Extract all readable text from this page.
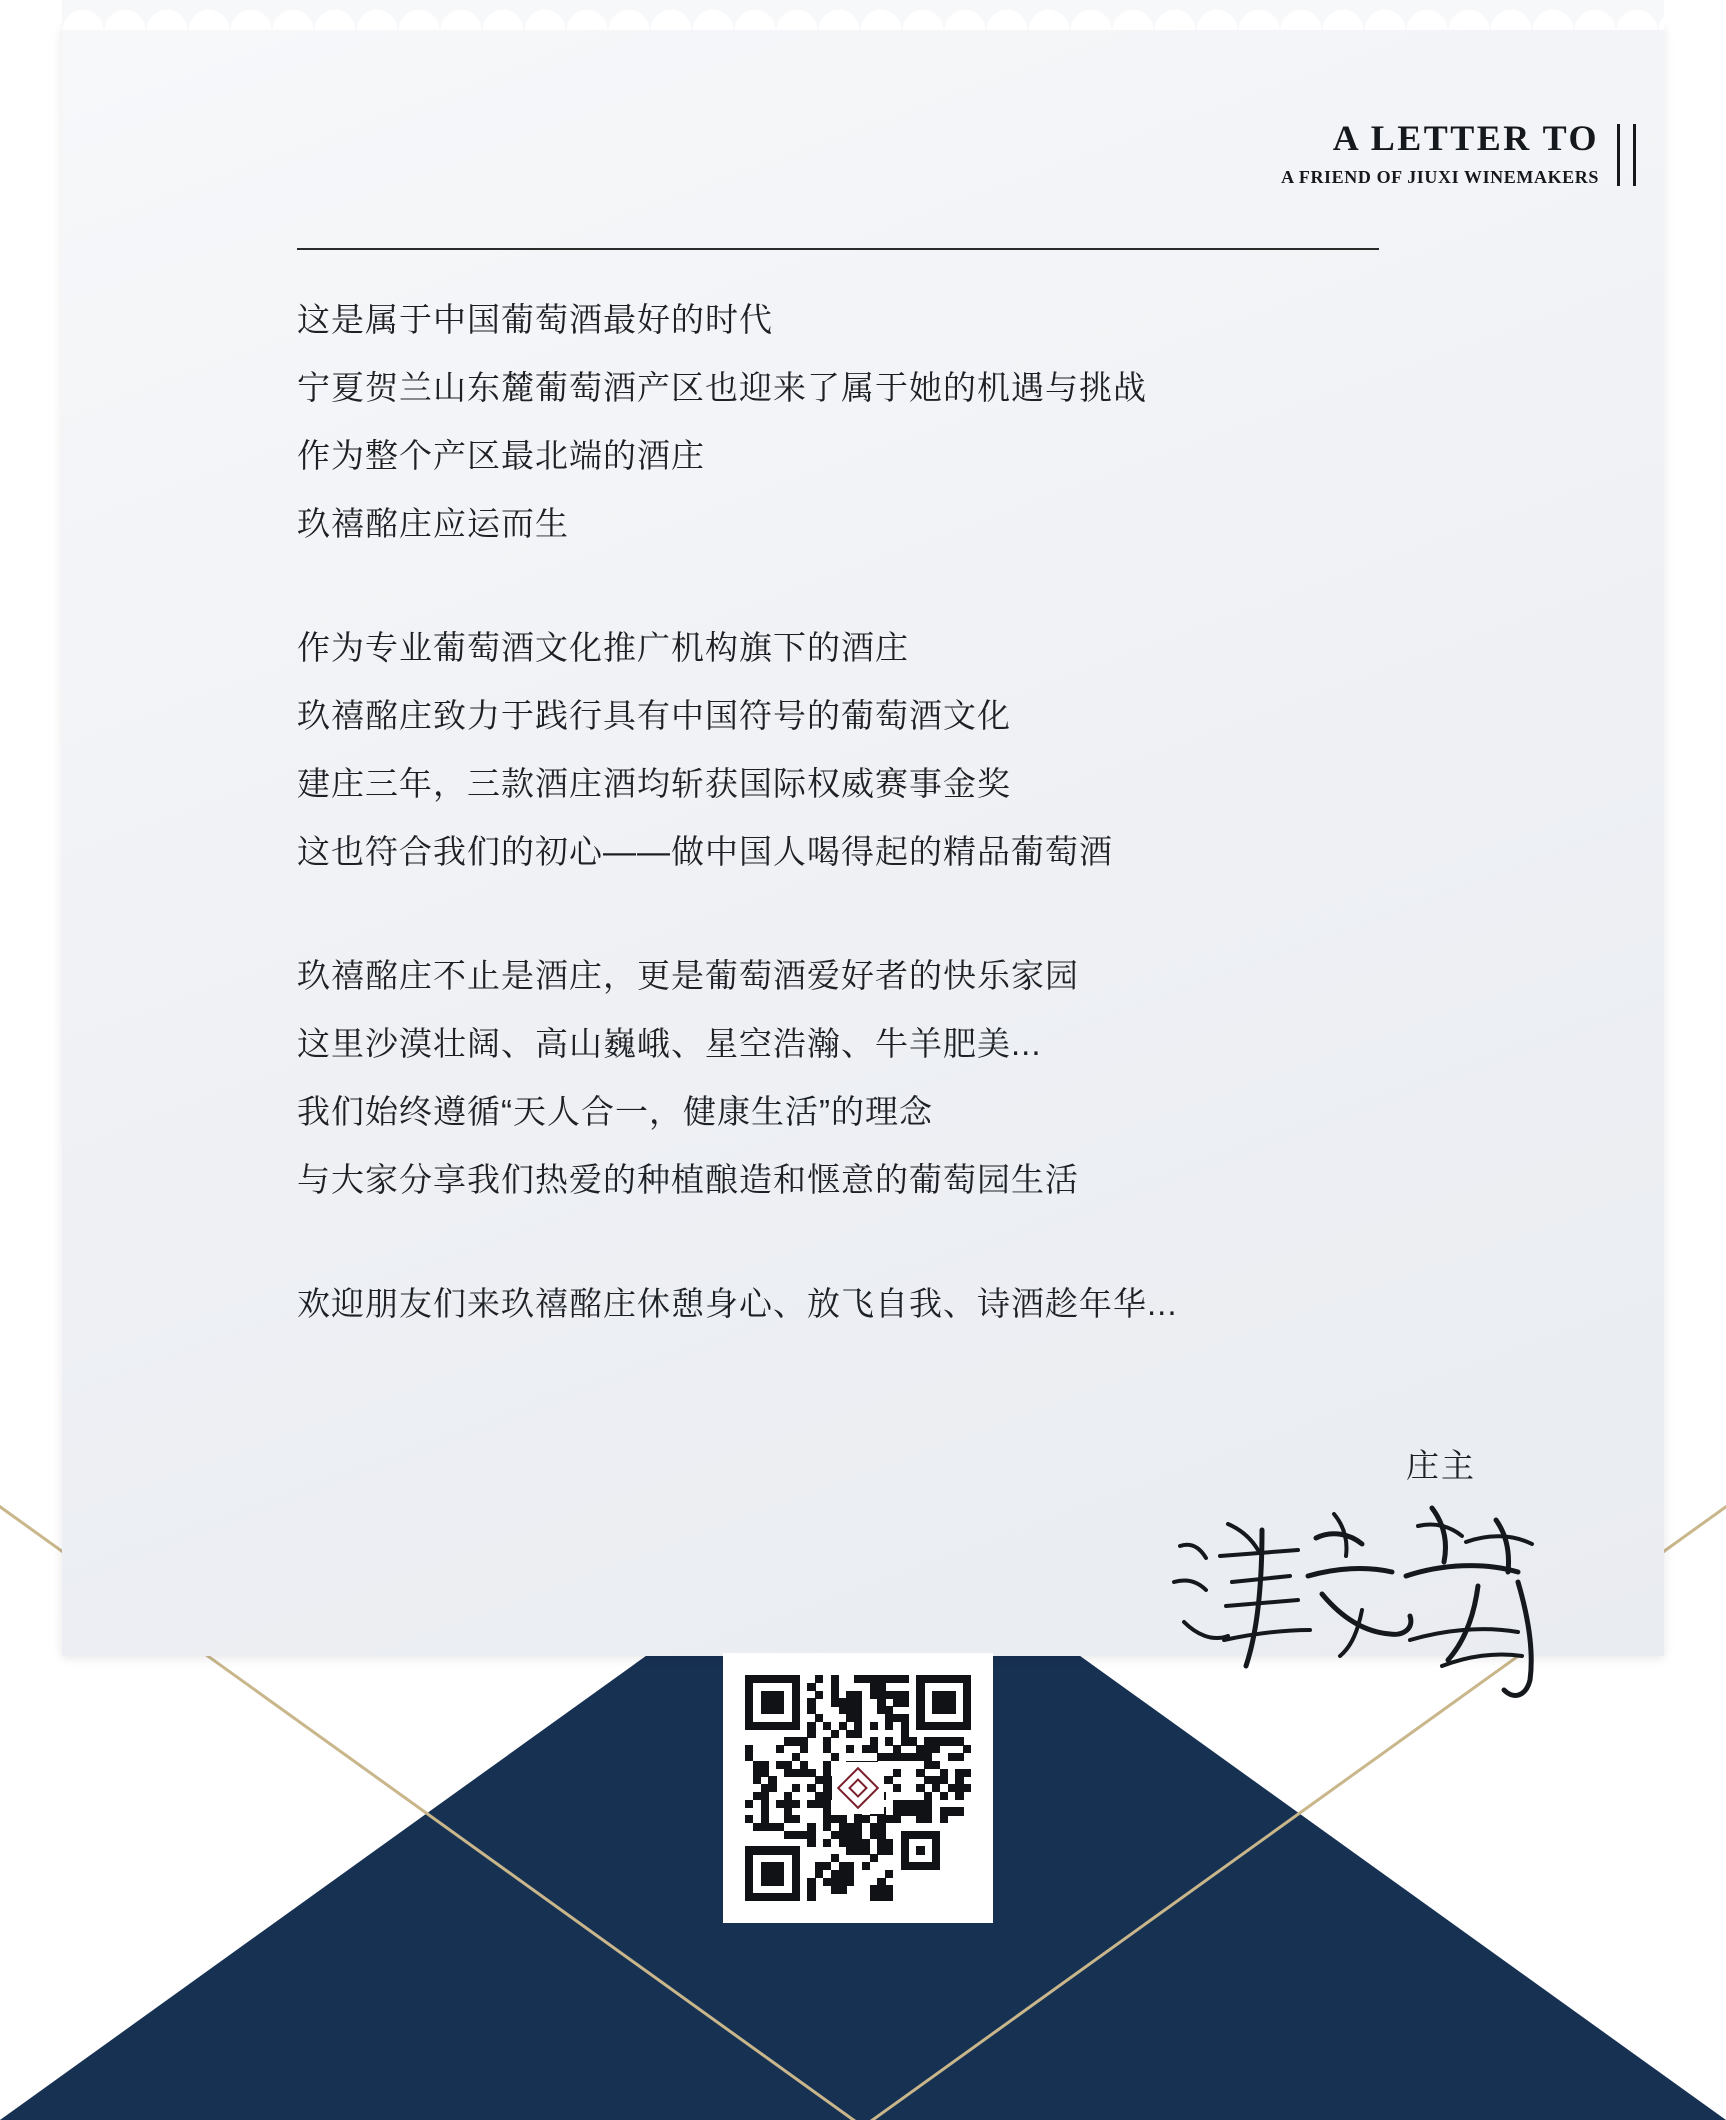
A LETTER TO
A FRIEND OF JIUXI WINEMAKERS

这是属于中国葡萄酒最好的时代
宁夏贺兰山东麓葡萄酒产区也迎来了属于她的机遇与挑战
作为整个产区最北端的酒庄
玖禧酩庄应运而生

作为专业葡萄酒文化推广机构旗下的酒庄
玖禧酩庄致力于践行具有中国符号的葡萄酒文化
建庄三年，三款酒庄酒均斩获国际权威赛事金奖
这也符合我们的初心——做中国人喝得起的精品葡萄酒

玖禧酩庄不止是酒庄，更是葡萄酒爱好者的快乐家园
这里沙漠壮阔、高山巍峨、星空浩瀚、牛羊肥美...
我们始终遵循“天人合一，健康生活”的理念
与大家分享我们热爱的种植酿造和惬意的葡萄园生活

欢迎朋友们来玖禧酩庄休憩身心、放飞自我、诗酒趁年华...

庄主
